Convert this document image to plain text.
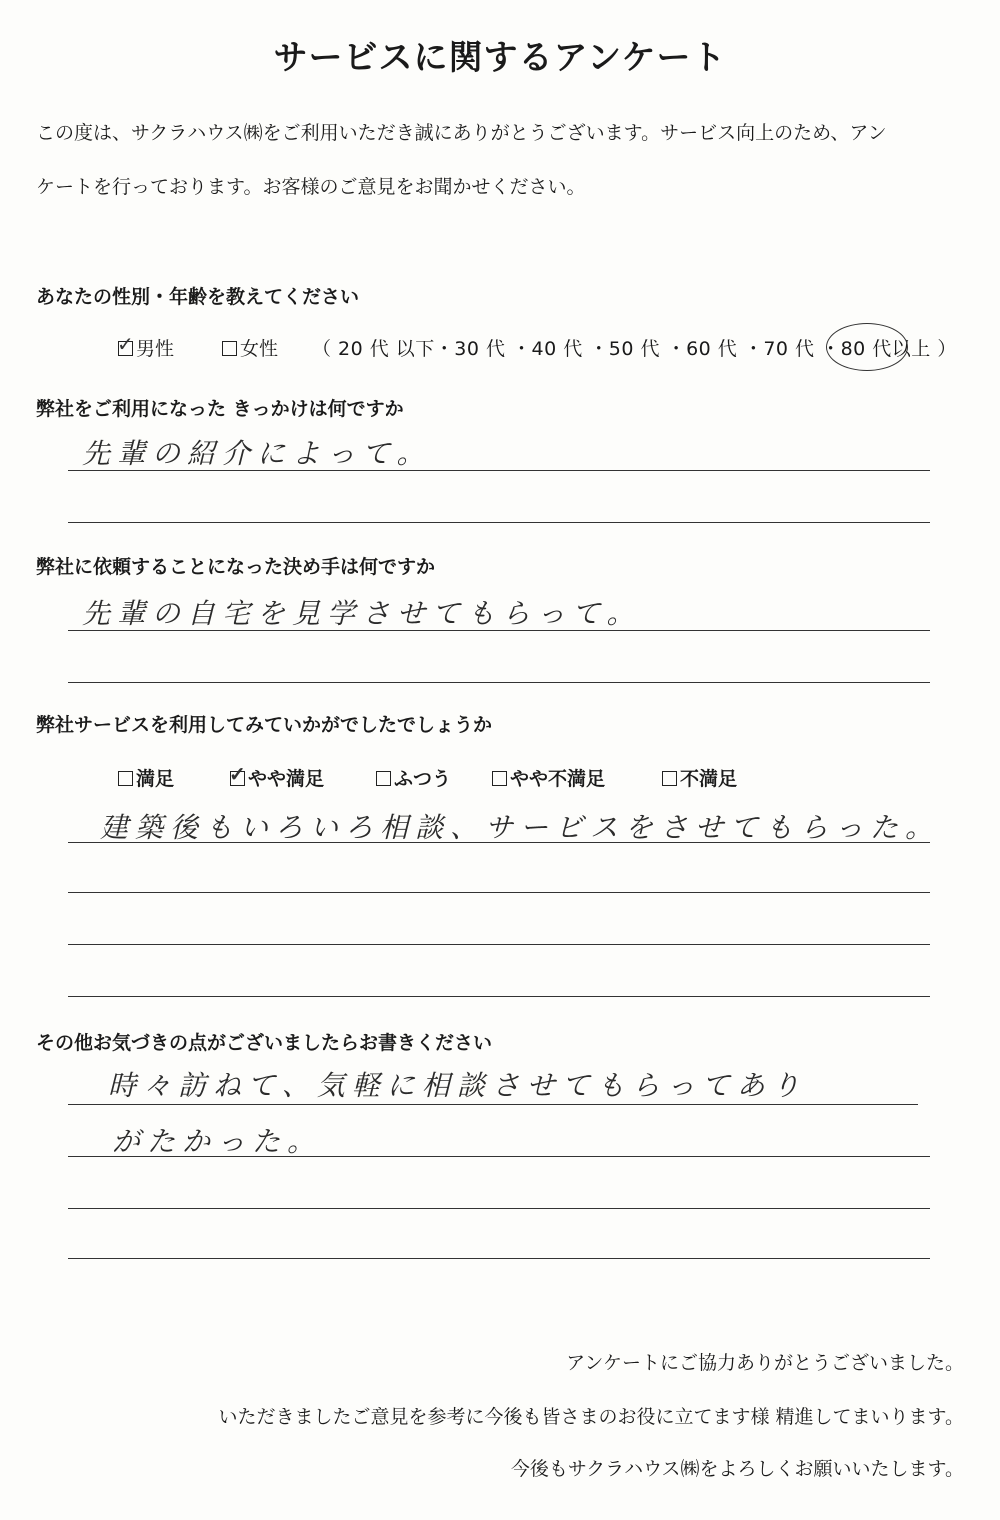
サービスに関するアンケート
この度は、サクラハウス㈱をご利用いただき誠にありがとうございます。サービス向上のため、アン
ケートを行っております。お客様のご意見をお聞かせください。
あなたの性別・年齢を教えてください
✓ 男性	女性 （ 20 代 以下・30 代 ・40 代 ・50 代 ・60 代 ・70 代 ・80 代以上 ）
弊社をご利用になった きっかけは何ですか
先輩の紹介によって。
弊社に依頼することになった決め手は何ですか
先輩の自宅を見学させてもらって。
弊社サービスを利用してみていかがでしたでしょうか
満足	✓ やや満足	ふつう	やや不満足	不満足
建築後もいろいろ相談、サービスをさせてもらった。
その他お気づきの点がございましたらお書きください
時々訪ねて、気軽に相談させてもらってあり
がたかった。
アンケートにご協力ありがとうございました。
いただきましたご意見を参考に今後も皆さまのお役に立てます様 精進してまいります。
今後もサクラハウス㈱をよろしくお願いいたします。
